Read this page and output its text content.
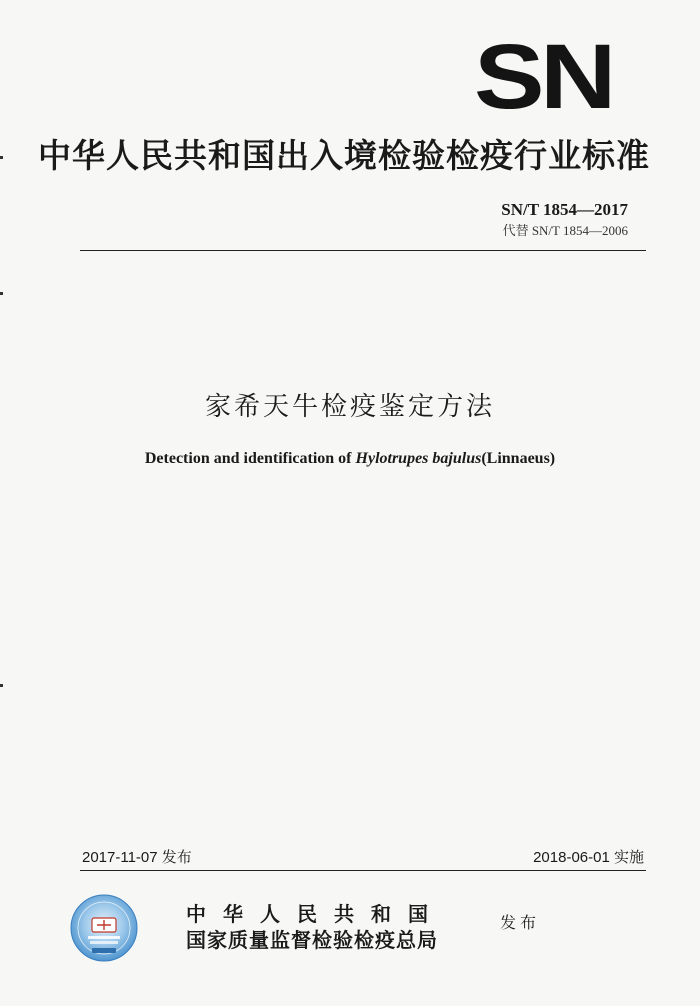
SN
中华人民共和国出入境检验检疫行业标准
SN/T 1854—2017
代替 SN/T 1854—2006
家希天牛检疫鉴定方法
Detection and identification of Hylotrupes bajulus(Linnaeus)
2017-11-07 发布	2018-06-01 实施
中华人民共和国
国家质量监督检验检疫总局
发布
